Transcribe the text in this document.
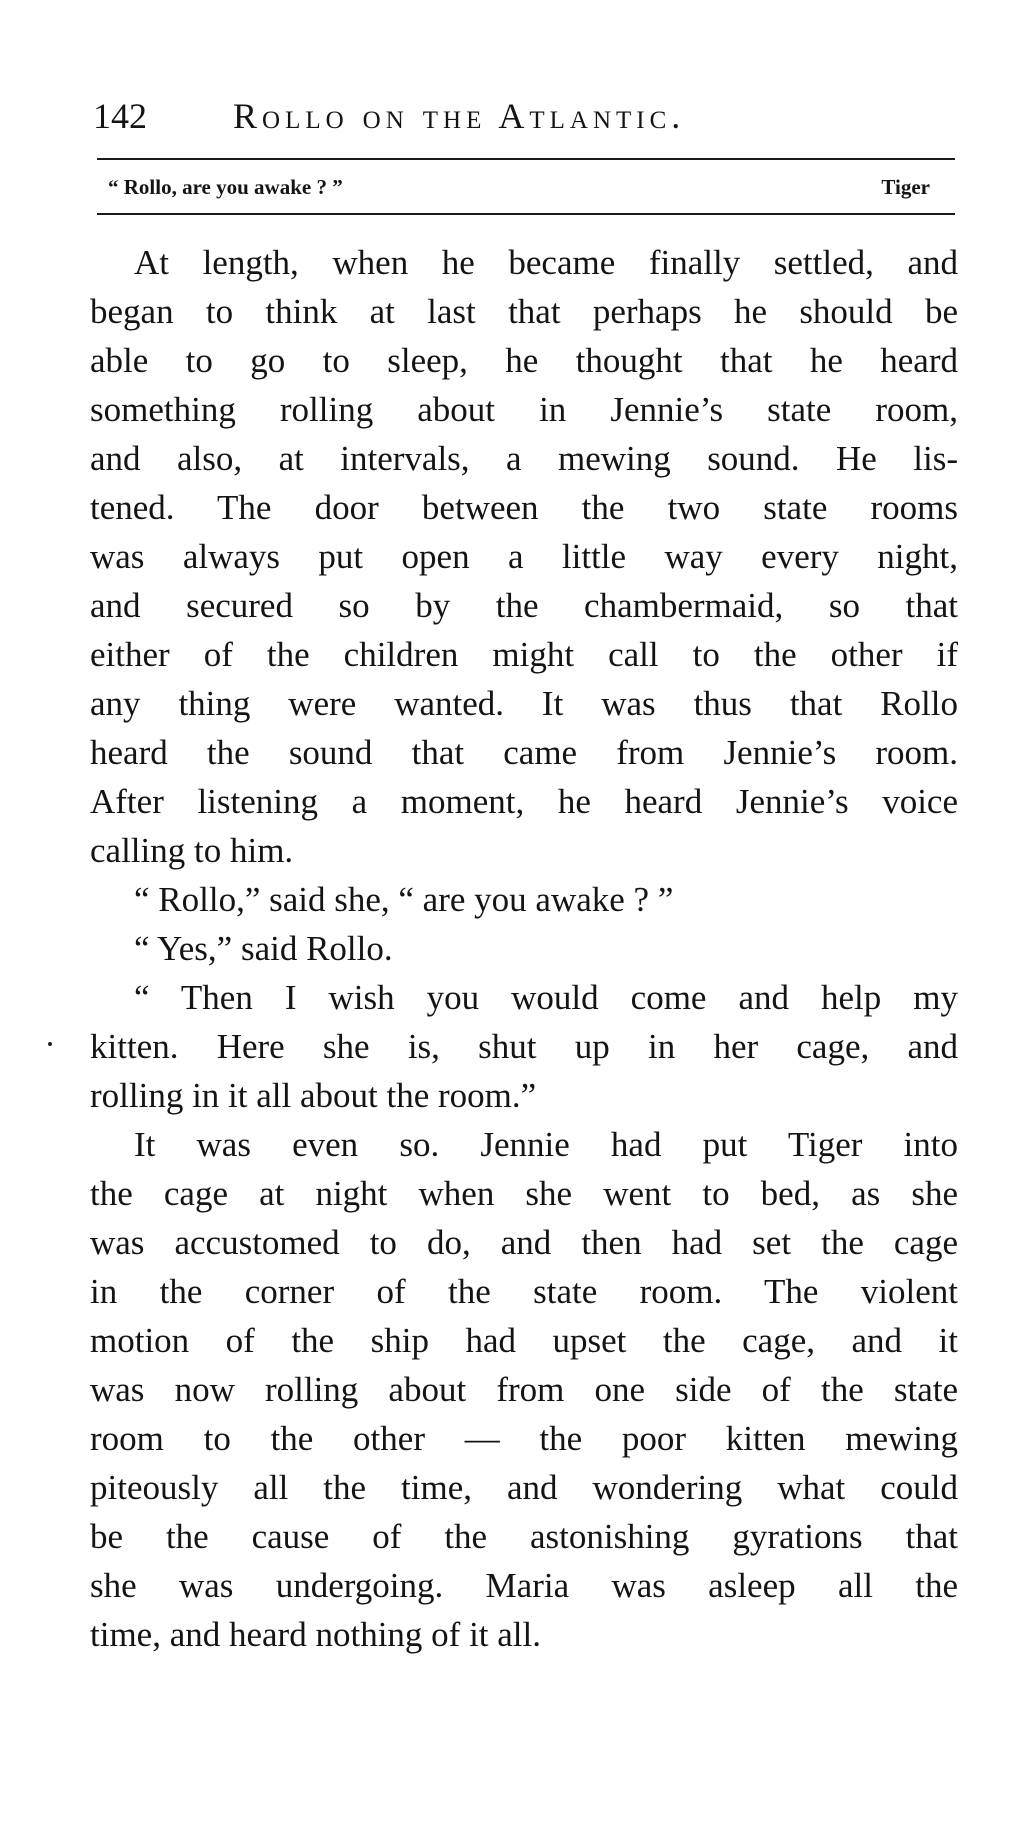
142 Rollo on the Atlantic.
“ Rollo, are you awake ? ”	Tiger
At length, when he became finally settled, and
began to think at last that perhaps he should be
able to go to sleep, he thought that he heard
something rolling about in Jennie’s state room,
and also, at intervals, a mewing sound. He lis-
tened. The door between the two state rooms
was always put open a little way every night,
and secured so by the chambermaid, so that
either of the children might call to the other if
any thing were wanted. It was thus that Rollo
heard the sound that came from Jennie’s room.
After listening a moment, he heard Jennie’s voice
calling to him.
“ Rollo,” said she, “ are you awake ? ”
“ Yes,” said Rollo.
“ Then I wish you would come and help my
kitten. Here she is, shut up in her cage, and
rolling in it all about the room.”
It was even so. Jennie had put Tiger into
the cage at night when she went to bed, as she
was accustomed to do, and then had set the cage
in the corner of the state room. The violent
motion of the ship had upset the cage, and it
was now rolling about from one side of the state
room to the other — the poor kitten mewing
piteously all the time, and wondering what could
be the cause of the astonishing gyrations that
she was undergoing. Maria was asleep all the
time, and heard nothing of it all.
